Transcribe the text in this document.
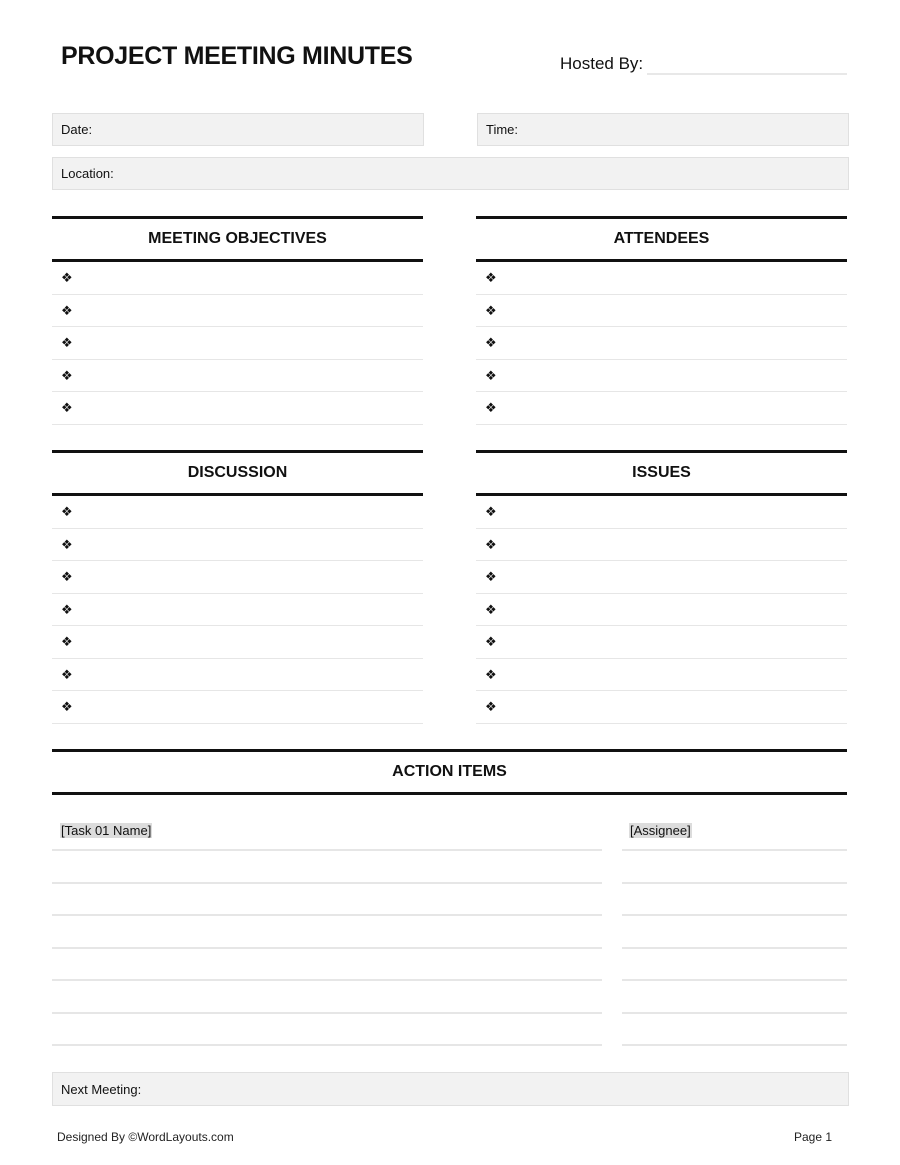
PROJECT MEETING MINUTES	Hosted By:
Date:	Time:
Location:
MEETING OBJECTIVES
❖
❖
❖
❖
❖
ATTENDEES
❖
❖
❖
❖
❖
DISCUSSION
❖
❖
❖
❖
❖
❖
❖
ISSUES
❖
❖
❖
❖
❖
❖
❖
ACTION ITEMS
[Task 01 Name]	[Assignee]
Next Meeting:
Designed By ©WordLayouts.com	Page 1
